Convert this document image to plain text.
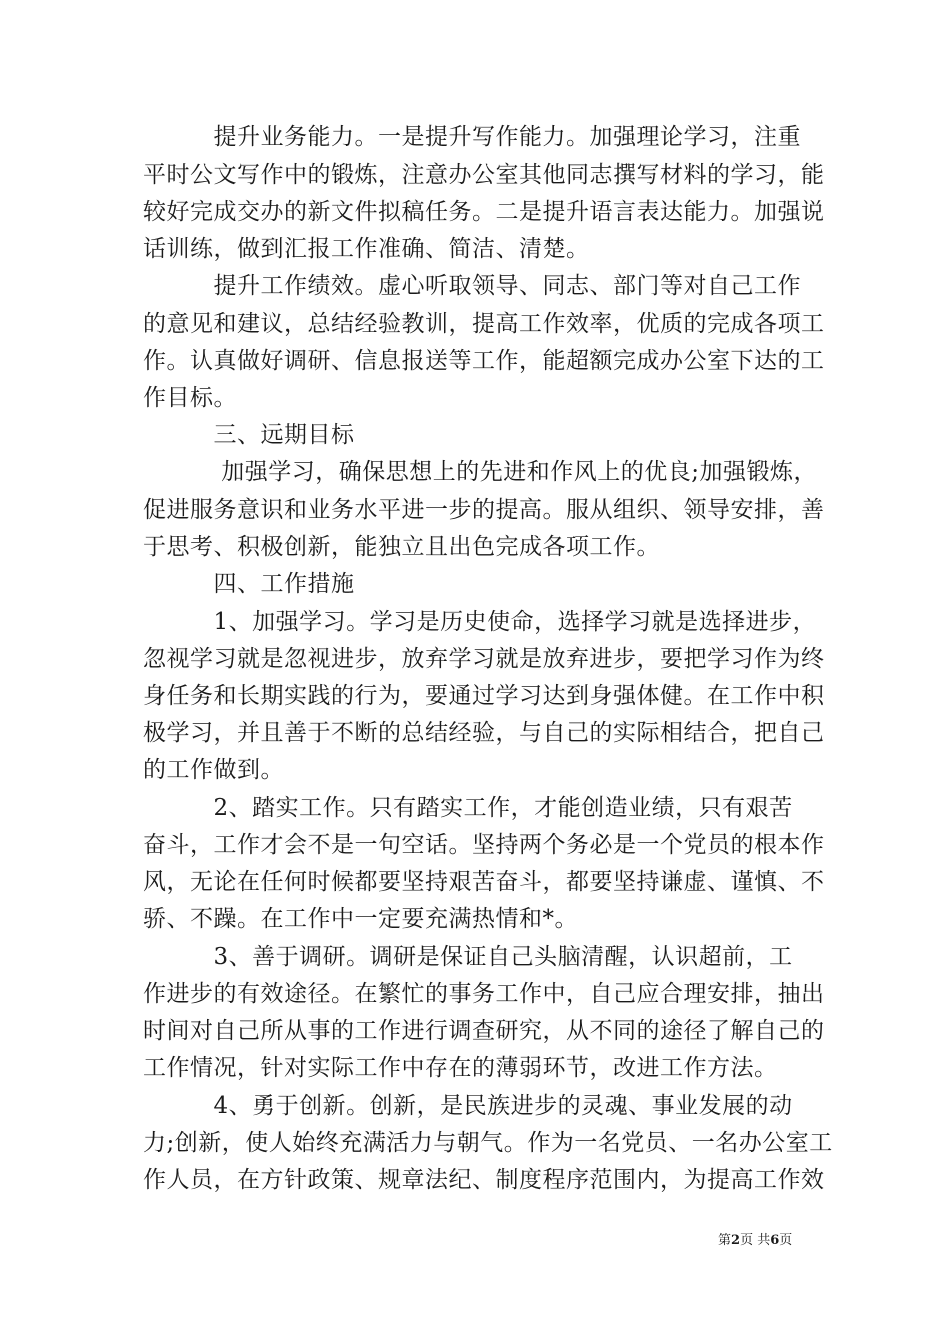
　　　提升业务能力。一是提升写作能力。加强理论学习，注重
平时公文写作中的锻炼，注意办公室其他同志撰写材料的学习，能
较好完成交办的新文件拟稿任务。二是提升语言表达能力。加强说
话训练，做到汇报工作准确、简洁、清楚。
　　　提升工作绩效。虚心听取领导、同志、部门等对自己工作
的意见和建议，总结经验教训，提高工作效率，优质的完成各项工
作。认真做好调研、信息报送等工作，能超额完成办公室下达的工
作目标。
　　　三、远期目标
　　　 加强学习，确保思想上的先进和作风上的优良;加强锻炼，
促进服务意识和业务水平进一步的提高。服从组织、领导安排，善
于思考、积极创新，能独立且出色完成各项工作。
　　　四、工作措施
　　　1、加强学习。学习是历史使命，选择学习就是选择进步，
忽视学习就是忽视进步，放弃学习就是放弃进步，要把学习作为终
身任务和长期实践的行为，要通过学习达到身强体健。在工作中积
极学习，并且善于不断的总结经验，与自己的实际相结合，把自己
的工作做到。
　　　2、踏实工作。只有踏实工作，才能创造业绩，只有艰苦
奋斗，工作才会不是一句空话。坚持两个务必是一个党员的根本作
风，无论在任何时候都要坚持艰苦奋斗，都要坚持谦虚、谨慎、不
骄、不躁。在工作中一定要充满热情和*。
　　　3、善于调研。调研是保证自己头脑清醒，认识超前，工
作进步的有效途径。在繁忙的事务工作中，自己应合理安排，抽出
时间对自己所从事的工作进行调查研究，从不同的途径了解自己的
工作情况，针对实际工作中存在的薄弱环节，改进工作方法。
　　　4、勇于创新。创新，是民族进步的灵魂、事业发展的动
力;创新，使人始终充满活力与朝气。作为一名党员、一名办公室工
作人员，在方针政策、规章法纪、制度程序范围内，为提高工作效
第2页 共6页
